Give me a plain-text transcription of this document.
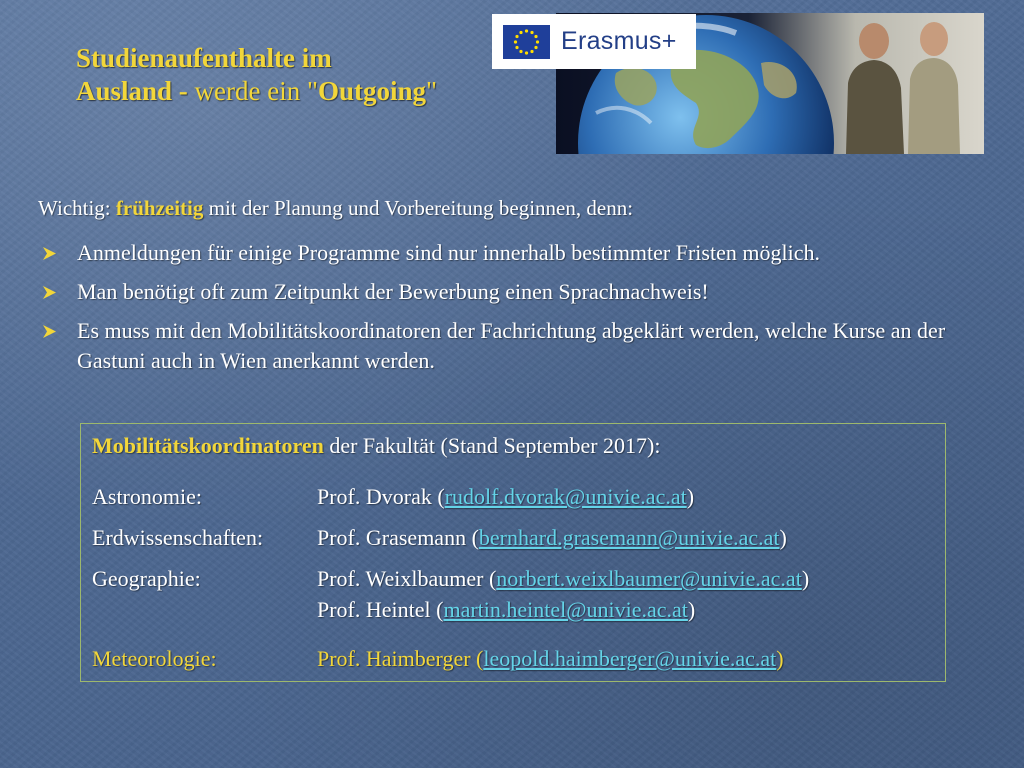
Studienaufenthalte im
Ausland - werde ein "Outgoing"
Erasmus+
Wichtig: frühzeitig mit der Planung und Vorbereitung beginnen, denn:
Anmeldungen für einige Programme sind nur innerhalb bestimmter Fristen möglich.
Man benötigt oft zum Zeitpunkt der Bewerbung einen Sprachnachweis!
Es muss mit den Mobilitätskoordinatoren der Fachrichtung abgeklärt werden, welche Kurse an der Gastuni auch in Wien anerkannt werden.
Mobilitätskoordinatoren der Fakultät (Stand September 2017):
Astronomie:	Prof. Dvorak (rudolf.dvorak@univie.ac.at)
Erdwissenschaften: Prof. Grasemann (bernhard.grasemann@univie.ac.at)
Geographie:	Prof. Weixlbaumer (norbert.weixlbaumer@univie.ac.at)
Prof. Heintel (martin.heintel@univie.ac.at)
Meteorologie:	Prof. Haimberger (leopold.haimberger@univie.ac.at)
